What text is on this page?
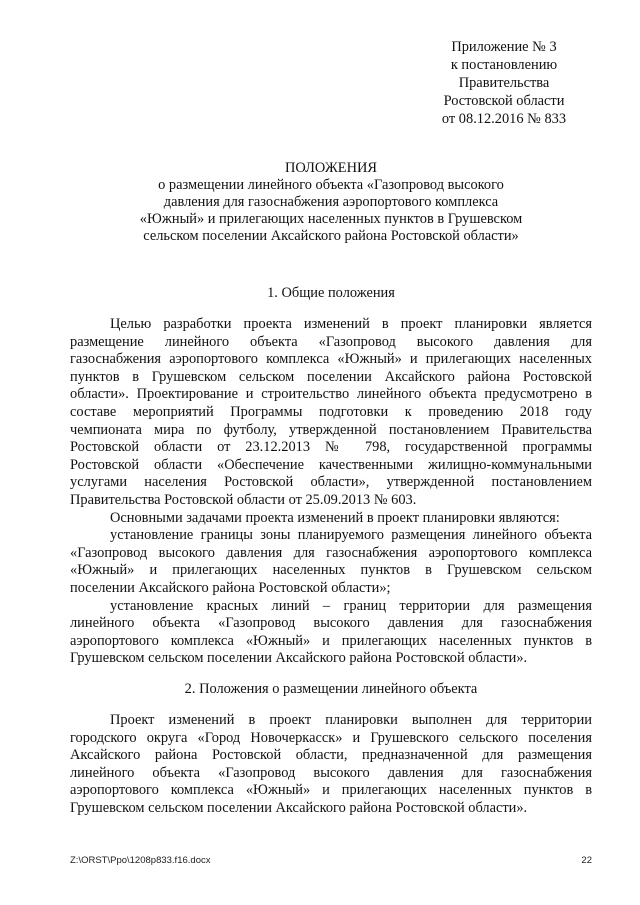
Приложение № 3
к постановлению
Правительства
Ростовской области
от 08.12.2016 № 833
ПОЛОЖЕНИЯ
о размещении линейного объекта «Газопровод высокого
давления для газоснабжения аэропортового комплекса
«Южный» и прилегающих населенных пунктов в Грушевском
сельском поселении Аксайского района Ростовской области»
1. Общие положения
Целью разработки проекта изменений в проект планировки является
размещение линейного объекта «Газопровод высокого давления для
газоснабжения аэропортового комплекса «Южный» и прилегающих населенных
пунктов в Грушевском сельском поселении Аксайского района Ростовской
области». Проектирование и строительство линейного объекта предусмотрено в
составе мероприятий Программы подготовки к проведению 2018 году
чемпионата мира по футболу, утвержденной постановлением Правительства
Ростовской области от 23.12.2013 № 798, государственной программы
Ростовской области «Обеспечение качественными жилищно-коммунальными
услугами населения Ростовской области», утвержденной постановлением
Правительства Ростовской области от 25.09.2013 № 603.
Основными задачами проекта изменений в проект планировки являются:
установление границы зоны планируемого размещения линейного объекта
«Газопровод высокого давления для газоснабжения аэропортового комплекса
«Южный» и прилегающих населенных пунктов в Грушевском сельском
поселении Аксайского района Ростовской области»;
установление красных линий – границ территории для размещения
линейного объекта «Газопровод высокого давления для газоснабжения
аэропортового комплекса «Южный» и прилегающих населенных пунктов в
Грушевском сельском поселении Аксайского района Ростовской области».
2. Положения о размещении линейного объекта
Проект изменений в проект планировки выполнен для территории
городского округа «Город Новочеркасск» и Грушевского сельского поселения
Аксайского района Ростовской области, предназначенной для размещения
линейного объекта «Газопровод высокого давления для газоснабжения
аэропортового комплекса «Южный» и прилегающих населенных пунктов в
Грушевском сельском поселении Аксайского района Ростовской области».
Z:\ORST\Ppo\1208p833.f16.docx	22
